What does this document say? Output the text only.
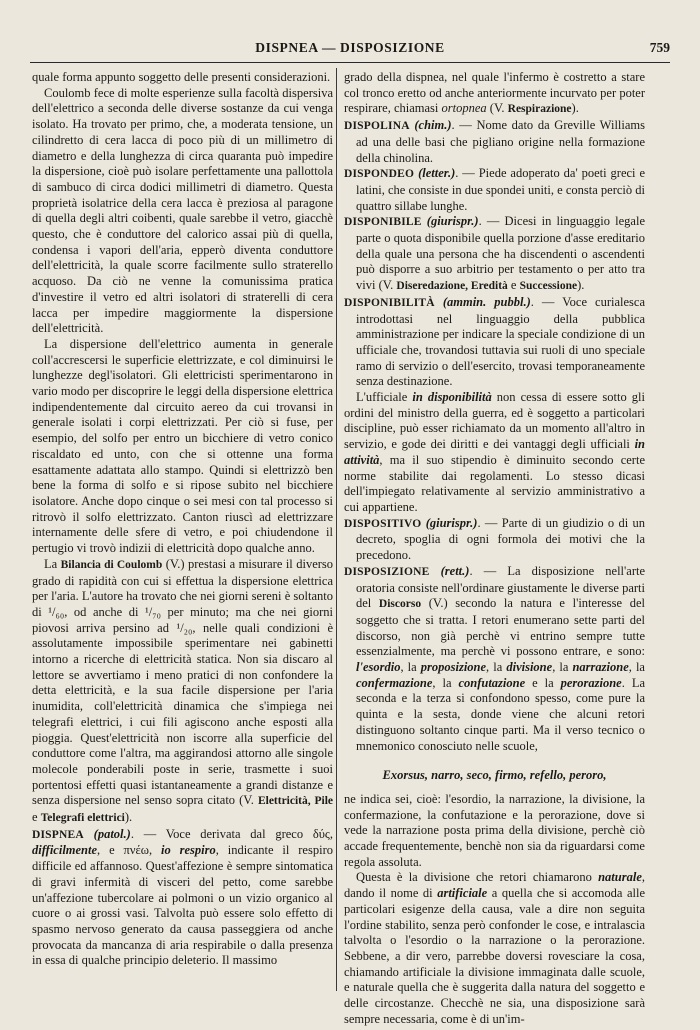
DISPNEA — DISPOSIZIONE	759

quale forma appunto soggetto delle presenti considerazioni.

Coulomb fece di molte esperienze sulla facoltà dispersiva dell'elettrico a seconda delle diverse sostanze da cui venga isolato. Ha trovato per primo, che, a moderata tensione, un cilindretto di cera lacca di poco più di un millimetro di diametro e della lunghezza di circa quaranta può impedire la dispersione, cioè può isolare perfettamente una pallottola di sambuco di circa dodici millimetri di diametro. Questa proprietà isolatrice della cera lacca è preziosa al paragone di quella degli altri coibenti, quale sarebbe il vetro, giacchè questo, che è conduttore del calorico assai più di quella, condensa i vapori dell'aria, epperò diventa conduttore dell'elettricità, la quale scorre facilmente sullo straterello acquoso. Da ciò ne venne la comunissima pratica d'investire il vetro ed altri isolatori di straterelli di cera lacca per impedire maggiormente la dispersione dell'elettricità.

La dispersione dell'elettrico aumenta in generale coll'accrescersi le superficie elettrizzate, e col diminuirsi le lunghezze degl'isolatori. Gli elettricisti sperimentarono in vario modo per discoprire le leggi della dispersione elettrica indipendentemente dal circuito aereo da cui trovansi in generale isolati i corpi elettrizzati. Per ciò si fuse, per esempio, del solfo per entro un bicchiere di vetro conico riscaldato ed unto, con che si ottenne una forma esattamente adattata allo stampo. Quindi si elettrizzò ben bene la forma di solfo e si ripose subito nel bicchiere isolatore. Anche dopo cinque o sei mesi con tal processo si ritrovò il solfo elettrizzato. Canton riuscì ad elettrizzare internamente delle sfere di vetro, e poi chiudendone il pertugio vi trovò indizii di elettricità dopo qualche anno.

La Bilancia di Coulomb (V.) prestasi a misurare il diverso grado di rapidità con cui si effettua la dispersione elettrica per l'aria. L'autore ha trovato che nei giorni sereni è soltanto di ¹/₆₀, od anche di ¹/₇₀ per minuto; ma che nei giorni piovosi arriva persino ad ¹/₂₀, nelle quali condizioni è assolutamente impossibile sperimentare nei gabinetti intorno a ricerche di elettricità statica. Non sia discaro al lettore se avvertiamo i meno pratici di non confondere la detta elettricità, e la sua facile dispersione per l'aria inumidita, coll'elettricità dinamica che s'impiega nei telegrafi elettrici, i cui fili agiscono anche esposti alla pioggia. Quest'elettricità non iscorre alla superficie del conduttore come l'altra, ma aggirandosi attorno alle singole molecole ponderabili poste in serie, trasmette i suoi portentosi effetti quasi istantaneamente a grandi distanze e senza dispersione nel senso sopra citato (V. Elettricità, Pile e Telegrafi elettrici).

DISPNEA (patol.). — Voce derivata dal greco δύς, difficilmente, e πνέω, io respiro, indicante il respiro difficile ed affannoso. Quest'affezione è sempre sintomatica di gravi infermità di visceri del petto, come sarebbe un'affezione tubercolare ai polmoni o un vizio organico al cuore o ai grossi vasi. Talvolta può essere solo effetto di spasmo nervoso generato da causa passeggiera od anche provocata da mancanza di aria respirabile o dalla presenza in essa di qualche principio deleterio. Il massimo

grado della dispnea, nel quale l'infermo è costretto a stare col tronco eretto od anche anteriormente incurvato per poter respirare, chiamasi ortopnea (V. Respirazione).

DISPOLINA (chim.). — Nome dato da Greville Williams ad una delle basi che pigliano origine nella formazione della chinolina.

DISPONDEO (letter.). — Piede adoperato da' poeti greci e latini, che consiste in due spondei uniti, e consta perciò di quattro sillabe lunghe.

DISPONIBILE (giurispr.). — Dicesi in linguaggio legale parte o quota disponibile quella porzione d'asse ereditario della quale una persona che ha discendenti o ascendenti può disporre a suo arbitrio per testamento o per atto tra vivi (V. Diseredazione, Eredità e Successione).

DISPONIBILITÀ (ammin. pubbl.). — Voce curialesca introdottasi nel linguaggio della pubblica amministrazione per indicare la speciale condizione di un ufficiale che, trovandosi tuttavia sui ruoli di uno speciale ramo di servizio o dell'esercito, trovasi temporaneamente senza destinazione.

L'ufficiale in disponibilità non cessa di essere sotto gli ordini del ministro della guerra, ed è soggetto a particolari discipline, può esser richiamato da un momento all'altro in servizio, e gode dei diritti e dei vantaggi degli ufficiali in attività, ma il suo stipendio è diminuito secondo certe norme stabilite dai regolamenti. Lo stesso dicasi dell'impiegato relativamente al servizio amministrativo a cui appartiene.

DISPOSITIVO (giurispr.). — Parte di un giudizio o di un decreto, spoglia di ogni formola dei motivi che la precedono.

DISPOSIZIONE (rett.). — La disposizione nell'arte oratoria consiste nell'ordinare giustamente le diverse parti del Discorso (V.) secondo la natura e l'interesse del soggetto che si tratta. I retori enumerano sette parti del discorso, non già perchè vi entrino sempre tutte essenzialmente, ma perchè vi possono entrare, e sono: l'esordio, la proposizione, la divisione, la narrazione, la confermazione, la confutazione e la perorazione. La seconda e la terza si confondono spesso, come pure la quinta e la sesta, donde viene che alcuni retori distinguono soltanto cinque parti. Ma il verso tecnico o mnemonico conosciuto nelle scuole,

Exorsus, narro, seco, firmo, refello, peroro,

ne indica sei, cioè: l'esordio, la narrazione, la divisione, la confermazione, la confutazione e la perorazione, dove si vede la narrazione posta prima della divisione, perchè ciò accade frequentemente, benchè non sia da riguardarsi come regola assoluta.

Questa è la divisione che retori chiamarono naturale, dando il nome di artificiale a quella che si accomoda alle particolari esigenze della causa, vale a dire non seguita l'ordine stabilito, senza però confonder le cose, e intralascia talvolta o l'esordio o la narrazione o la perorazione. Sebbene, a dir vero, parrebbe doversi rovesciare la cosa, chiamando artificiale la divisione immaginata dalle scuole, e naturale quella che è suggerita dalla natura del soggetto e delle circostanze. Checchè ne sia, una disposizione sarà sempre necessaria, come è di un'im-
